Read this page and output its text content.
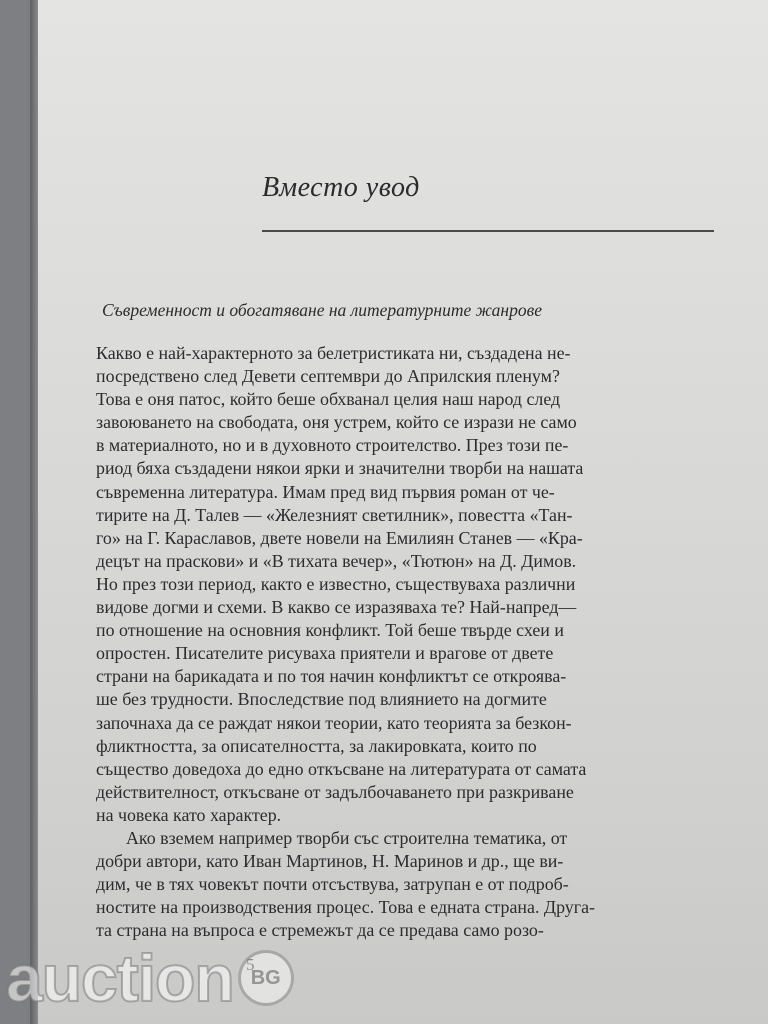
Вместо увод
Съвременност и обогатяване на литературните жанрове
Какво е най-характерното за белетристиката ни, създадена не-
посредствено след Девети септември до Априлския пленум?
Това е оня патос, който беше обхванал целия наш народ след
завоюването на свободата, оня устрем, който се изрази не само
в материалното, но и в духовното строителство. През този пе-
риод бяха създадени някои ярки и значителни творби на нашата
съвременна литература. Имам пред вид първия роман от че-
тирите на Д. Талев — «Железният светилник», повестта «Тан-
го» на Г. Караславов, двете новели на Емилиян Станев — «Кра-
децът на праскови» и «В тихата вечер», «Тютюн» на Д. Димов.
Но през този период, както е известно, съществуваха различни
видове догми и схеми. В какво се изразяваха те? Най-напред—
по отношение на основния конфликт. Той беше твърде схеи и
опростен. Писателите рисуваха приятели и врагове от двете
страни на барикадата и по тоя начин конфликтът се откроява-
ше без трудности. Впоследствие под влиянието на догмите
започнаха да се раждат някои теории, като теорията за безкон-
фликтността, за описателността, за лакировката, които по
същество доведоха до едно откъсване на литературата от самата
действителност, откъсване от задълбочаването при разкриване
на човека като характер.
Ако вземем например творби със строителна тематика, от
добри автори, като Иван Мартинов, Н. Маринов и др., ще ви-
дим, че в тях човекът почти отсъствува, затрупан е от подроб-
ностите на производствения процес. Това е едната страна. Друга-
та страна на въпроса е стремежът да се предава само розо-
5
auction BG
